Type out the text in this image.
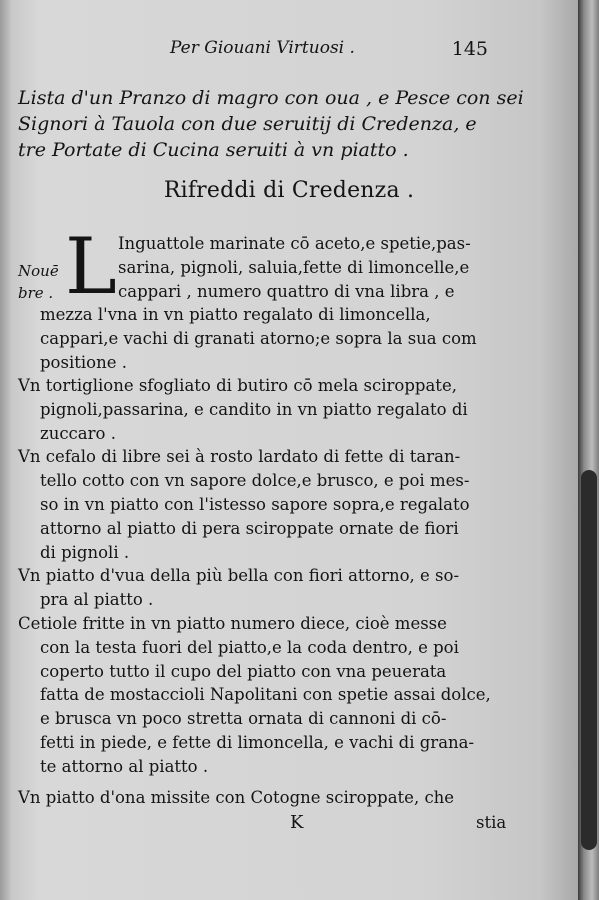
Per Giouani Virtuosi .	145
Lista d'un Pranzo di magro con oua , e Pesce con sei
Signori à Tauola con due seruitij di Credenza, e
tre Portate di Cucina seruiti à vn piatto .
Rifreddi di Credenza .
Nouē
bre . L Inguattole marinate cō aceto,e spetie,pas-
sarina, pignoli, saluia,fette di limoncelle,e
cappari , numero quattro di vna libra , e
mezza l'vna in vn piatto regalato di limoncella,
cappari,e vachi di granati atorno;e sopra la sua com
positione .
Vn tortiglione sfogliato di butiro cō mela sciroppate,
pignoli,passarina, e candito in vn piatto regalato di
zuccaro .
Vn cefalo di libre sei à rosto lardato di fette di taran-
tello cotto con vn sapore dolce,e brusco, e poi mes-
so in vn piatto con l'istesso sapore sopra,e regalato
attorno al piatto di pera sciroppate ornate de fiori
di pignoli .
Vn piatto d'vua della più bella con fiori attorno, e so-
pra al piatto .
Cetiole fritte in vn piatto numero diece, cioè messe
con la testa fuori del piatto,e la coda dentro, e poi
coperto tutto il cupo del piatto con vna peuerata
fatta de mostaccioli Napolitani con spetie assai dolce,
e brusca vn poco stretta ornata di cannoni di cō-
fetti in piede, e fette di limoncella, e vachi di grana-
te attorno al piatto .
Vn piatto d'ona missite con Cotogne sciroppate, che
K	stia
